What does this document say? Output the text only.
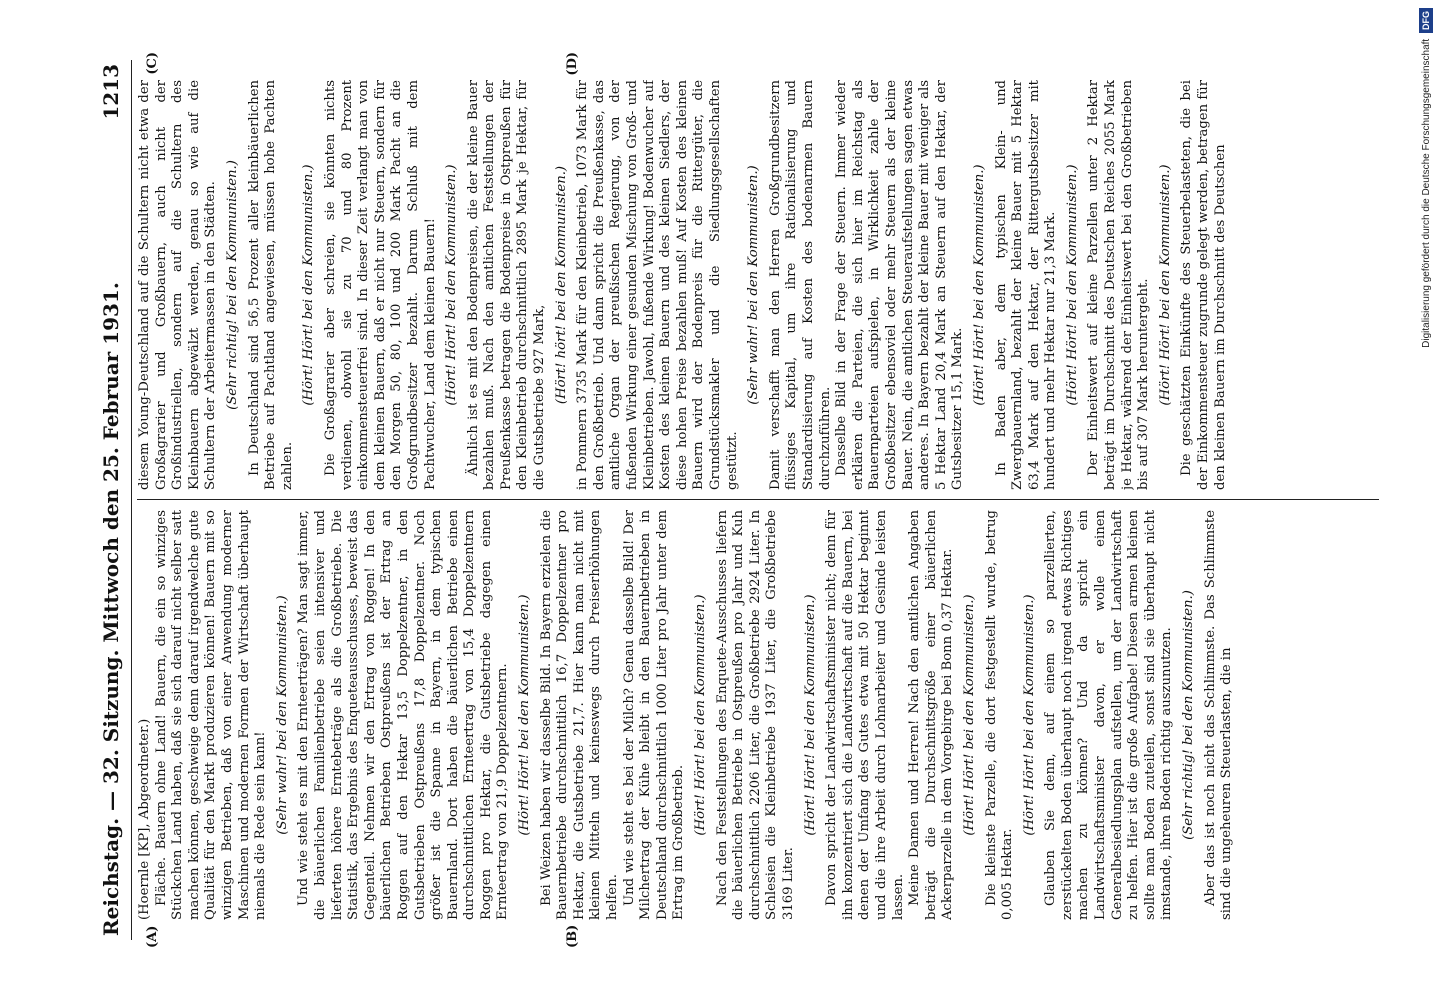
Reichstag. — 32. Sitzung. Mittwoch den 25. Februar 1931.
1213
(A)	(B)
(C)	(D)

(Hoernle [KP], Abgeordneter.) Fläche. Bauern ohne Land! Bauern, die ein so winziges Stückchen Land haben, daß sie sich darauf nicht selber satt machen können, geschweige denn darauf irgendwelche gute Qualität für den Markt produzieren können! Bauern mit so winzigen Betrieben, daß von einer Anwendung moderner Maschinen und modernen Formen der Wirtschaft überhaupt niemals die Rede sein kann! (Sehr wahr! bei den Kommunisten.) Und wie steht es mit den Ernteerträgen? Man sagt immer, die bäuerlichen Familienbetriebe seien intensiver und lieferten höhere Erntebeträge als die Großbetriebe. Die Statistik, das Ergebnis des Enqueteausschusses, beweist das Gegenteil. Nehmen wir den Ertrag von Roggen! In den bäuerlichen Betrieben Ostpreußens ist der Ertrag an Roggen auf den Hektar 13,5 Doppelzentner, in den Gutsbetrieben Ostpreußens 17,8 Doppelzentner. Noch größer ist die Spanne in Bayern, in dem typischen Bauernland. Dort haben die bäuerlichen Betriebe einen durchschnittlichen Ernteertrag von 15,4 Doppelzentnern Roggen pro Hektar, die Gutsbetriebe dagegen einen Ernteertrag von 21,9 Doppelzentnern. (Hört! Hört! bei den Kommunisten.) Bei Weizen haben wir dasselbe Bild. In Bayern erzielen die Bauernbetriebe durchschnittlich 16,7 Doppelzentner pro Hektar, die Gutsbetriebe 21,7. Hier kann man nicht mit kleinen Mitteln und keineswegs durch Preiserhöhungen helfen. Und wie steht es bei der Milch? Genau dasselbe Bild! Der Milchertrag der Kühe bleibt in den Bauernbetrieben in Deutschland durchschnittlich 1000 Liter pro Jahr unter dem Ertrag im Großbetrieb.

(Hört! Hört! bei den Kommunisten.) Nach den Feststellungen des Enquete-Ausschusses liefern die bäuerlichen Betriebe in Ostpreußen pro Jahr und Kuh durchschnittlich 2206 Liter, die Großbetriebe 2924 Liter. In Schlesien die Kleinbetriebe 1937 Liter, die Großbetriebe 3169 Liter.

(Hört! Hört! bei den Kommunisten.) Davon spricht der Landwirtschaftsminister nicht; denn für ihn konzentriert sich die Landwirtschaft auf die Bauern, bei denen der Umfang des Gutes etwa mit 50 Hektar beginnt und die ihre Arbeit durch Lohnarbeiter und Gesinde leisten lassen. Meine Damen und Herren! Nach den amtlichen Angaben beträgt die Durchschnittsgröße einer bäuerlichen Ackerparzelle in dem Vorgebirge bei Bonn 0,37 Hektar. (Hört! Hört! bei den Kommunisten.) Die kleinste Parzelle, die dort festgestellt wurde, betrug 0,005 Hektar.

(Hört! Hört! bei den Kommunisten.) Glauben Sie denn, auf einem so parzellierten, zerstückelten Boden überhaupt noch irgend etwas Richtiges machen zu können? Und da spricht ein Landwirtschaftsminister davon, er wolle einen Generalbesiedlungsplan aufstellen, um der Landwirtschaft zu helfen. Hier ist die große Aufgabe! Diesen armen kleinen sollte man Boden zuteilen, sonst sind sie überhaupt nicht imstande, ihren Boden richtig auszunutzen. (Sehr richtig! bei den Kommunisten.) Aber das ist noch nicht das Schlimmste. Das Schlimmste sind die ungeheuren Steuerlasten, die in

diesem Young-Deutschland auf die Schultern nicht etwa der Großagrarier und Großbauern, auch nicht der Großindustriellen, sondern auf die Schultern des Kleinbauern abgewälzt werden, genau so wie auf die Schultern der Arbeitermassen in den Städten. (Sehr richtig! bei den Kommunisten.) In Deutschland sind 56,5 Prozent aller kleinbäuerlichen Betriebe auf Pachtland angewiesen, müssen hohe Pachten zahlen.

(Hört! Hört! bei den Kommunisten.) Die Großagrarier aber schreien, sie könnten nichts verdienen, obwohl sie zu 70 und 80 Prozent einkommensteuerfrei sind. In dieser Zeit verlangt man von dem kleinen Bauern, daß er nicht nur Steuern, sondern für den Morgen 50, 80, 100 und 200 Mark Pacht an die Großgrundbesitzer bezahlt. Darum Schluß mit dem Pachtwucher, Land dem kleinen Bauern! (Hört! Hört! bei den Kommunisten.) Ähnlich ist es mit den Bodenpreisen, die der kleine Bauer bezahlen muß. Nach den amtlichen Feststellungen der Preußenkasse betragen die Bodenpreise in Ostpreußen für den Kleinbetrieb durchschnittlich 2895 Mark je Hektar, für die Gutsbetriebe 927 Mark, (Hört! hört! bei den Kommunisten.) in Pommern 3735 Mark für den Kleinbetrieb, 1073 Mark für den Großbetrieb. Und dann spricht die Preußenkasse, das amtliche Organ der preußischen Regierung, von der fußenden Wirkung einer gesunden Mischung von Groß- und Kleinbetrieben. Jawohl, fußende Wirkung! Bodenwucher auf Kosten des kleinen Bauern und des kleinen Siedlers, der diese hohen Preise bezahlen muß! Auf Kosten des kleinen Bauern wird der Bodenpreis für die Rittergüter, die Grundstücksmakler und die Siedlungsgesellschaften gestützt.

(Sehr wahr! bei den Kommunisten.) Damit verschafft man den Herren Großgrundbesitzern flüssiges Kapital, um ihre Rationalisierung und Standardisierung auf Kosten des bodenarmen Bauern durchzuführen. Dasselbe Bild in der Frage der Steuern. Immer wieder erklären die Parteien, die sich hier im Reichstag als Bauernparteien aufspielen, in Wirklichkeit zahle der Großbesitzer ebensoviel oder mehr Steuern als der kleine Bauer. Nein, die amtlichen Steueraufstellungen sagen etwas anderes. In Bayern bezahlt der kleine Bauer mit weniger als 5 Hektar Land 20,4 Mark an Steuern auf den Hektar, der Gutsbesitzer 15,1 Mark.

(Hört! Hört! bei den Kommunisten.) In Baden aber, dem typischen Klein- und Zwergbauernland, bezahlt der kleine Bauer mit 5 Hektar 63,4 Mark auf den Hektar, der Rittergutsbesitzer mit hundert und mehr Hektar nur 21,3 Mark. (Hört! Hört! bei den Kommunisten.) Der Einheitswert auf kleine Parzellen unter 2 Hektar beträgt im Durchschnitt des Deutschen Reiches 2055 Mark je Hektar, während der Einheitswert bei den Großbetrieben bis auf 307 Mark heruntergeht. (Hört! Hört! bei den Kommunisten.) Die geschätzten Einkünfte des Steuerbelasteten, die bei der Einkommensteuer zugrunde gelegt werden, betragen für den kleinen Bauern im Durchschnitt des Deutschen	Digitalisierung gefördert durch die Deutsche Forschungsgemeinschaft DFG
